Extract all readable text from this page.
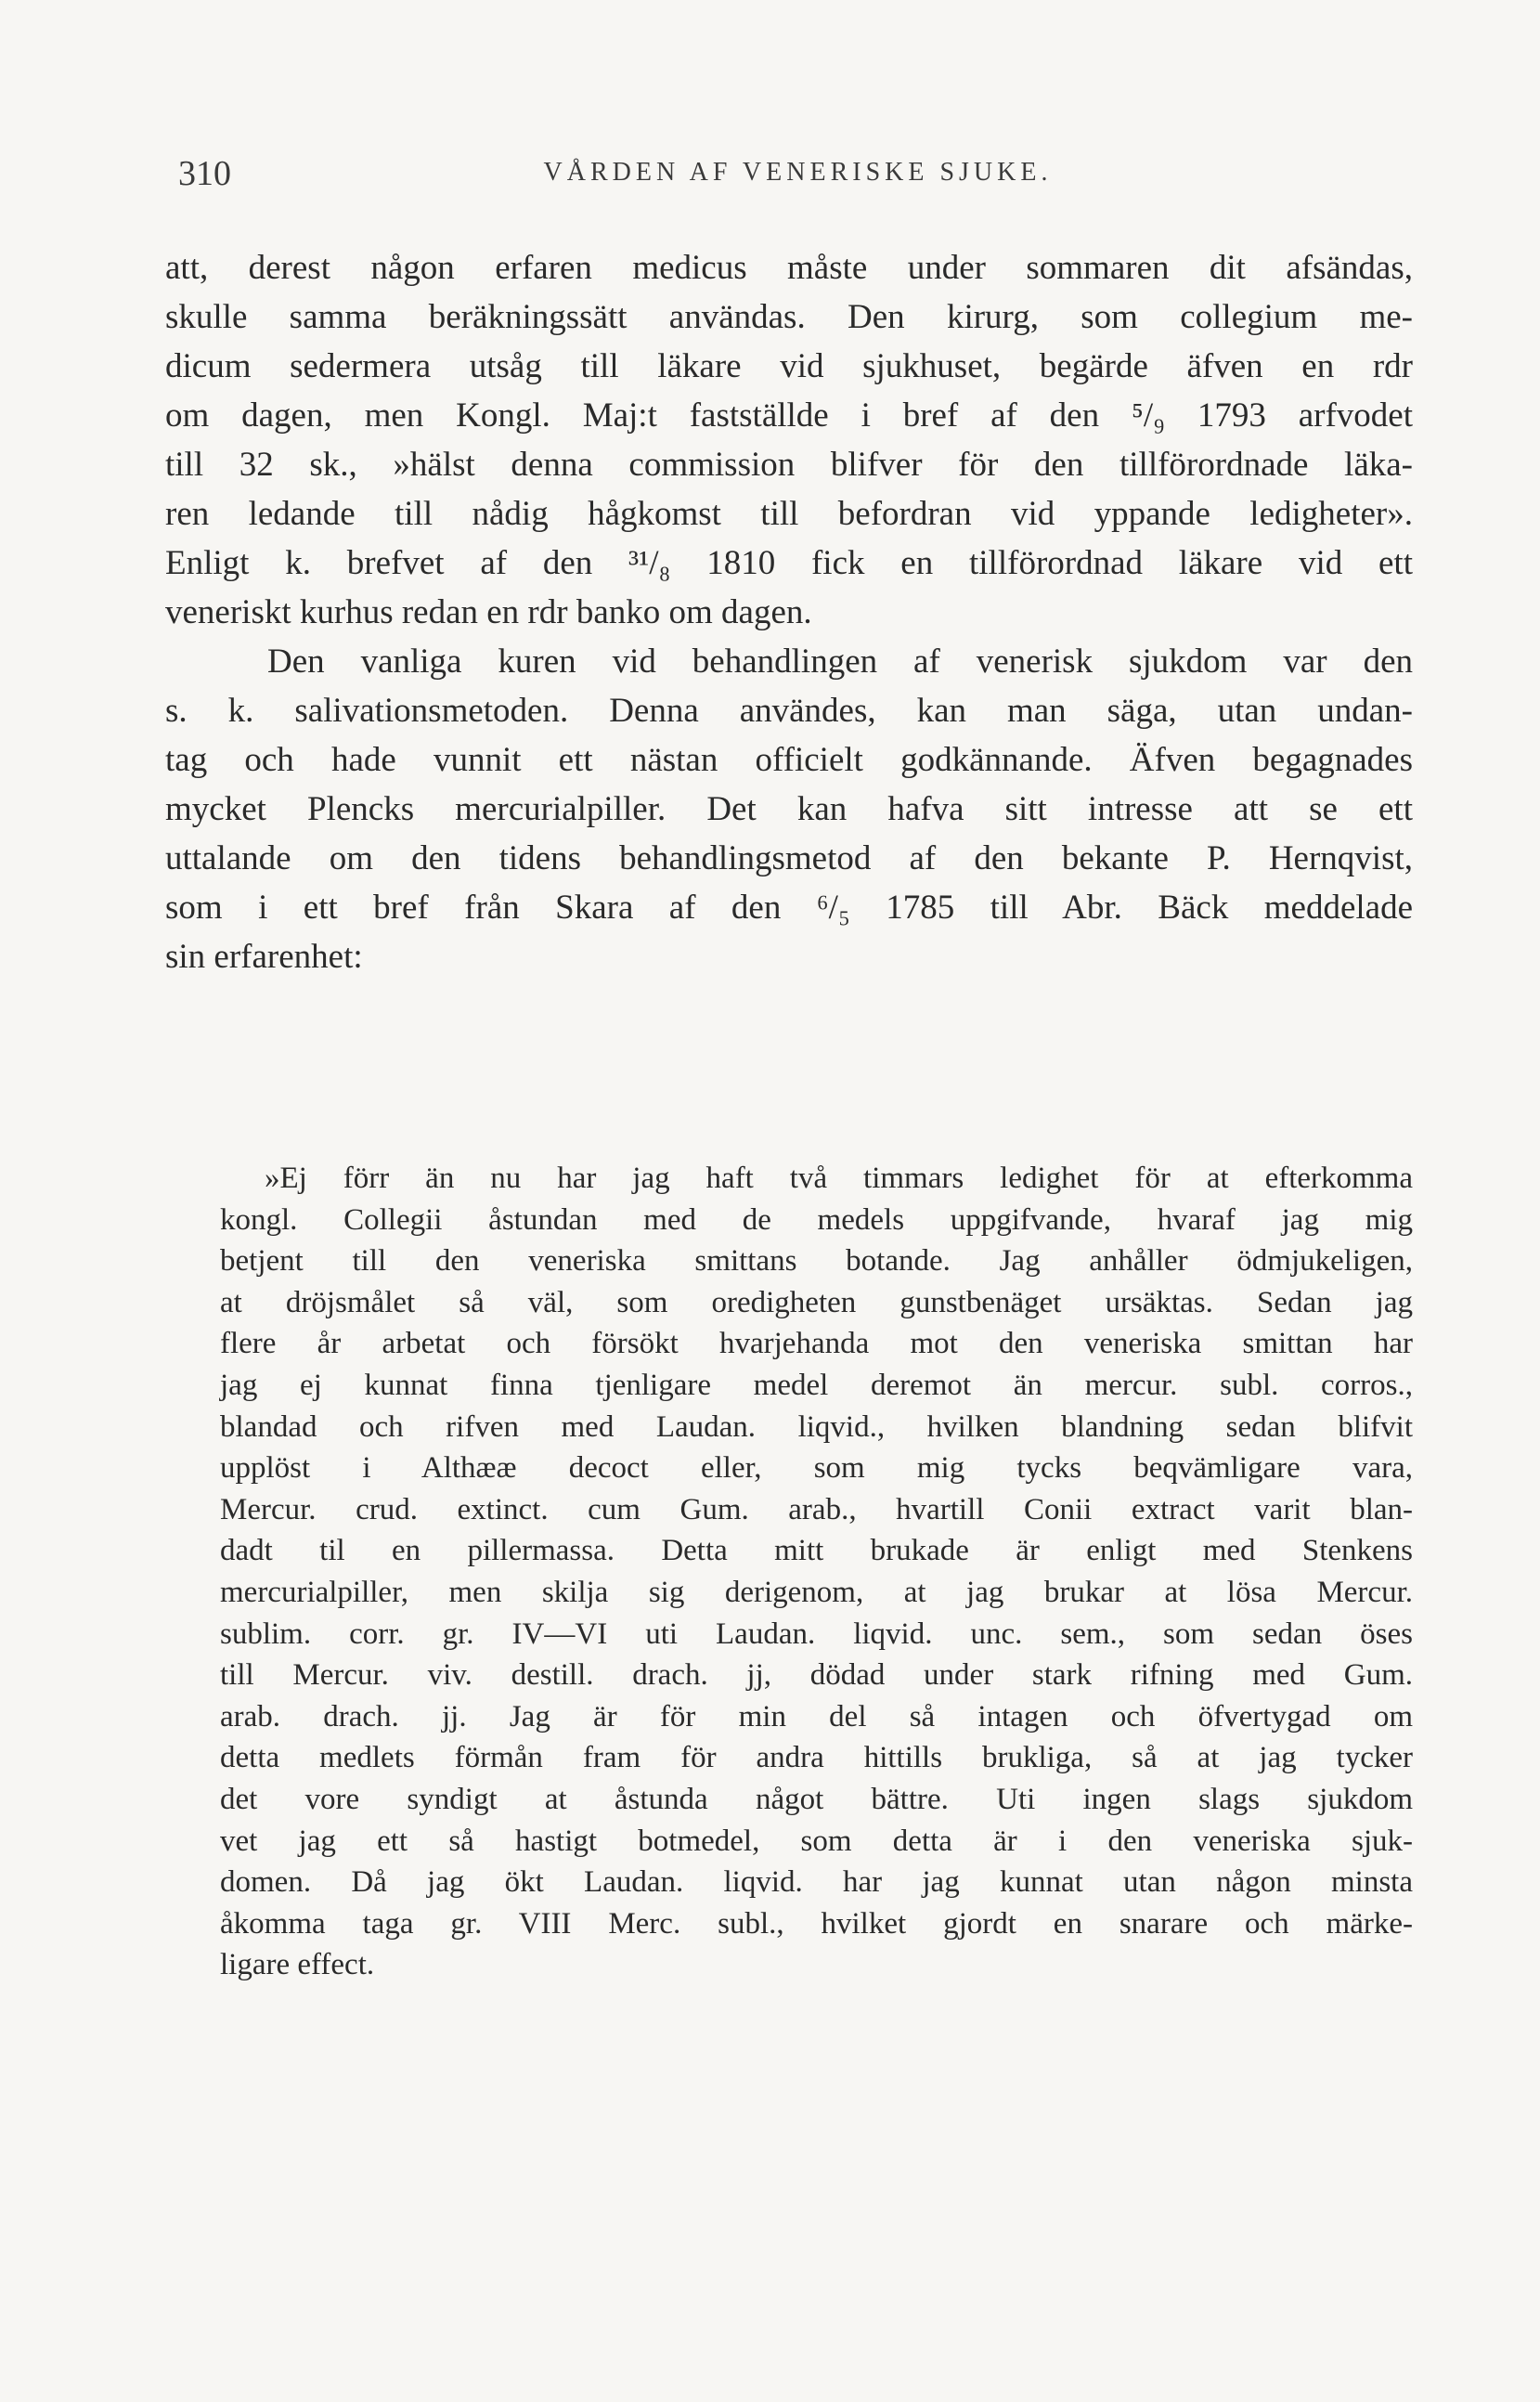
310	VÅRDEN AF VENERISKE SJUKE.
att, derest någon erfaren medicus måste under sommaren dit afsändas,
skulle samma beräkningssätt användas. Den kirurg, som collegium me-
dicum sedermera utsåg till läkare vid sjukhuset, begärde äfven en rdr
om dagen, men Kongl. Maj:t fastställde i bref af den ⁵/₉ 1793 arfvodet
till 32 sk., »hälst denna commission blifver för den tillförordnade läka-
ren ledande till nådig hågkomst till befordran vid yppande ledigheter».
Enligt k. brefvet af den ³¹/₈ 1810 fick en tillförordnad läkare vid ett
veneriskt kurhus redan en rdr banko om dagen.
Den vanliga kuren vid behandlingen af venerisk sjukdom var den
s. k. salivationsmetoden. Denna användes, kan man säga, utan undan-
tag och hade vunnit ett nästan officielt godkännande. Äfven begagnades
mycket Plencks mercurialpiller. Det kan hafva sitt intresse att se ett
uttalande om den tidens behandlingsmetod af den bekante P. Hernqvist,
som i ett bref från Skara af den ⁶/₅ 1785 till Abr. Bäck meddelade
sin erfarenhet:
»Ej förr än nu har jag haft två timmars ledighet för at efterkomma
kongl. Collegii åstundan med de medels uppgifvande, hvaraf jag mig
betjent till den veneriska smittans botande. Jag anhåller ödmjukeligen,
at dröjsmålet så väl, som oredigheten gunstbenäget ursäktas. Sedan jag
flere år arbetat och försökt hvarjehanda mot den veneriska smittan har
jag ej kunnat finna tjenligare medel deremot än mercur. subl. corros.,
blandad och rifven med Laudan. liqvid., hvilken blandning sedan blifvit
upplöst i Althææ decoct eller, som mig tycks beqvämligare vara,
Mercur. crud. extinct. cum Gum. arab., hvartill Conii extract varit blan-
dadt til en pillermassa. Detta mitt brukade är enligt med Stenkens
mercurialpiller, men skilja sig derigenom, at jag brukar at lösa Mercur.
sublim. corr. gr. IV—VI uti Laudan. liqvid. unc. sem., som sedan öses
till Mercur. viv. destill. drach. jj, dödad under stark rifning med Gum.
arab. drach. jj. Jag är för min del så intagen och öfvertygad om
detta medlets förmån fram för andra hittills brukliga, så at jag tycker
det vore syndigt at åstunda något bättre. Uti ingen slags sjukdom
vet jag ett så hastigt botmedel, som detta är i den veneriska sjuk-
domen. Då jag ökt Laudan. liqvid. har jag kunnat utan någon minsta
åkomma taga gr. VIII Merc. subl., hvilket gjordt en snarare och märke-
ligare effect.
